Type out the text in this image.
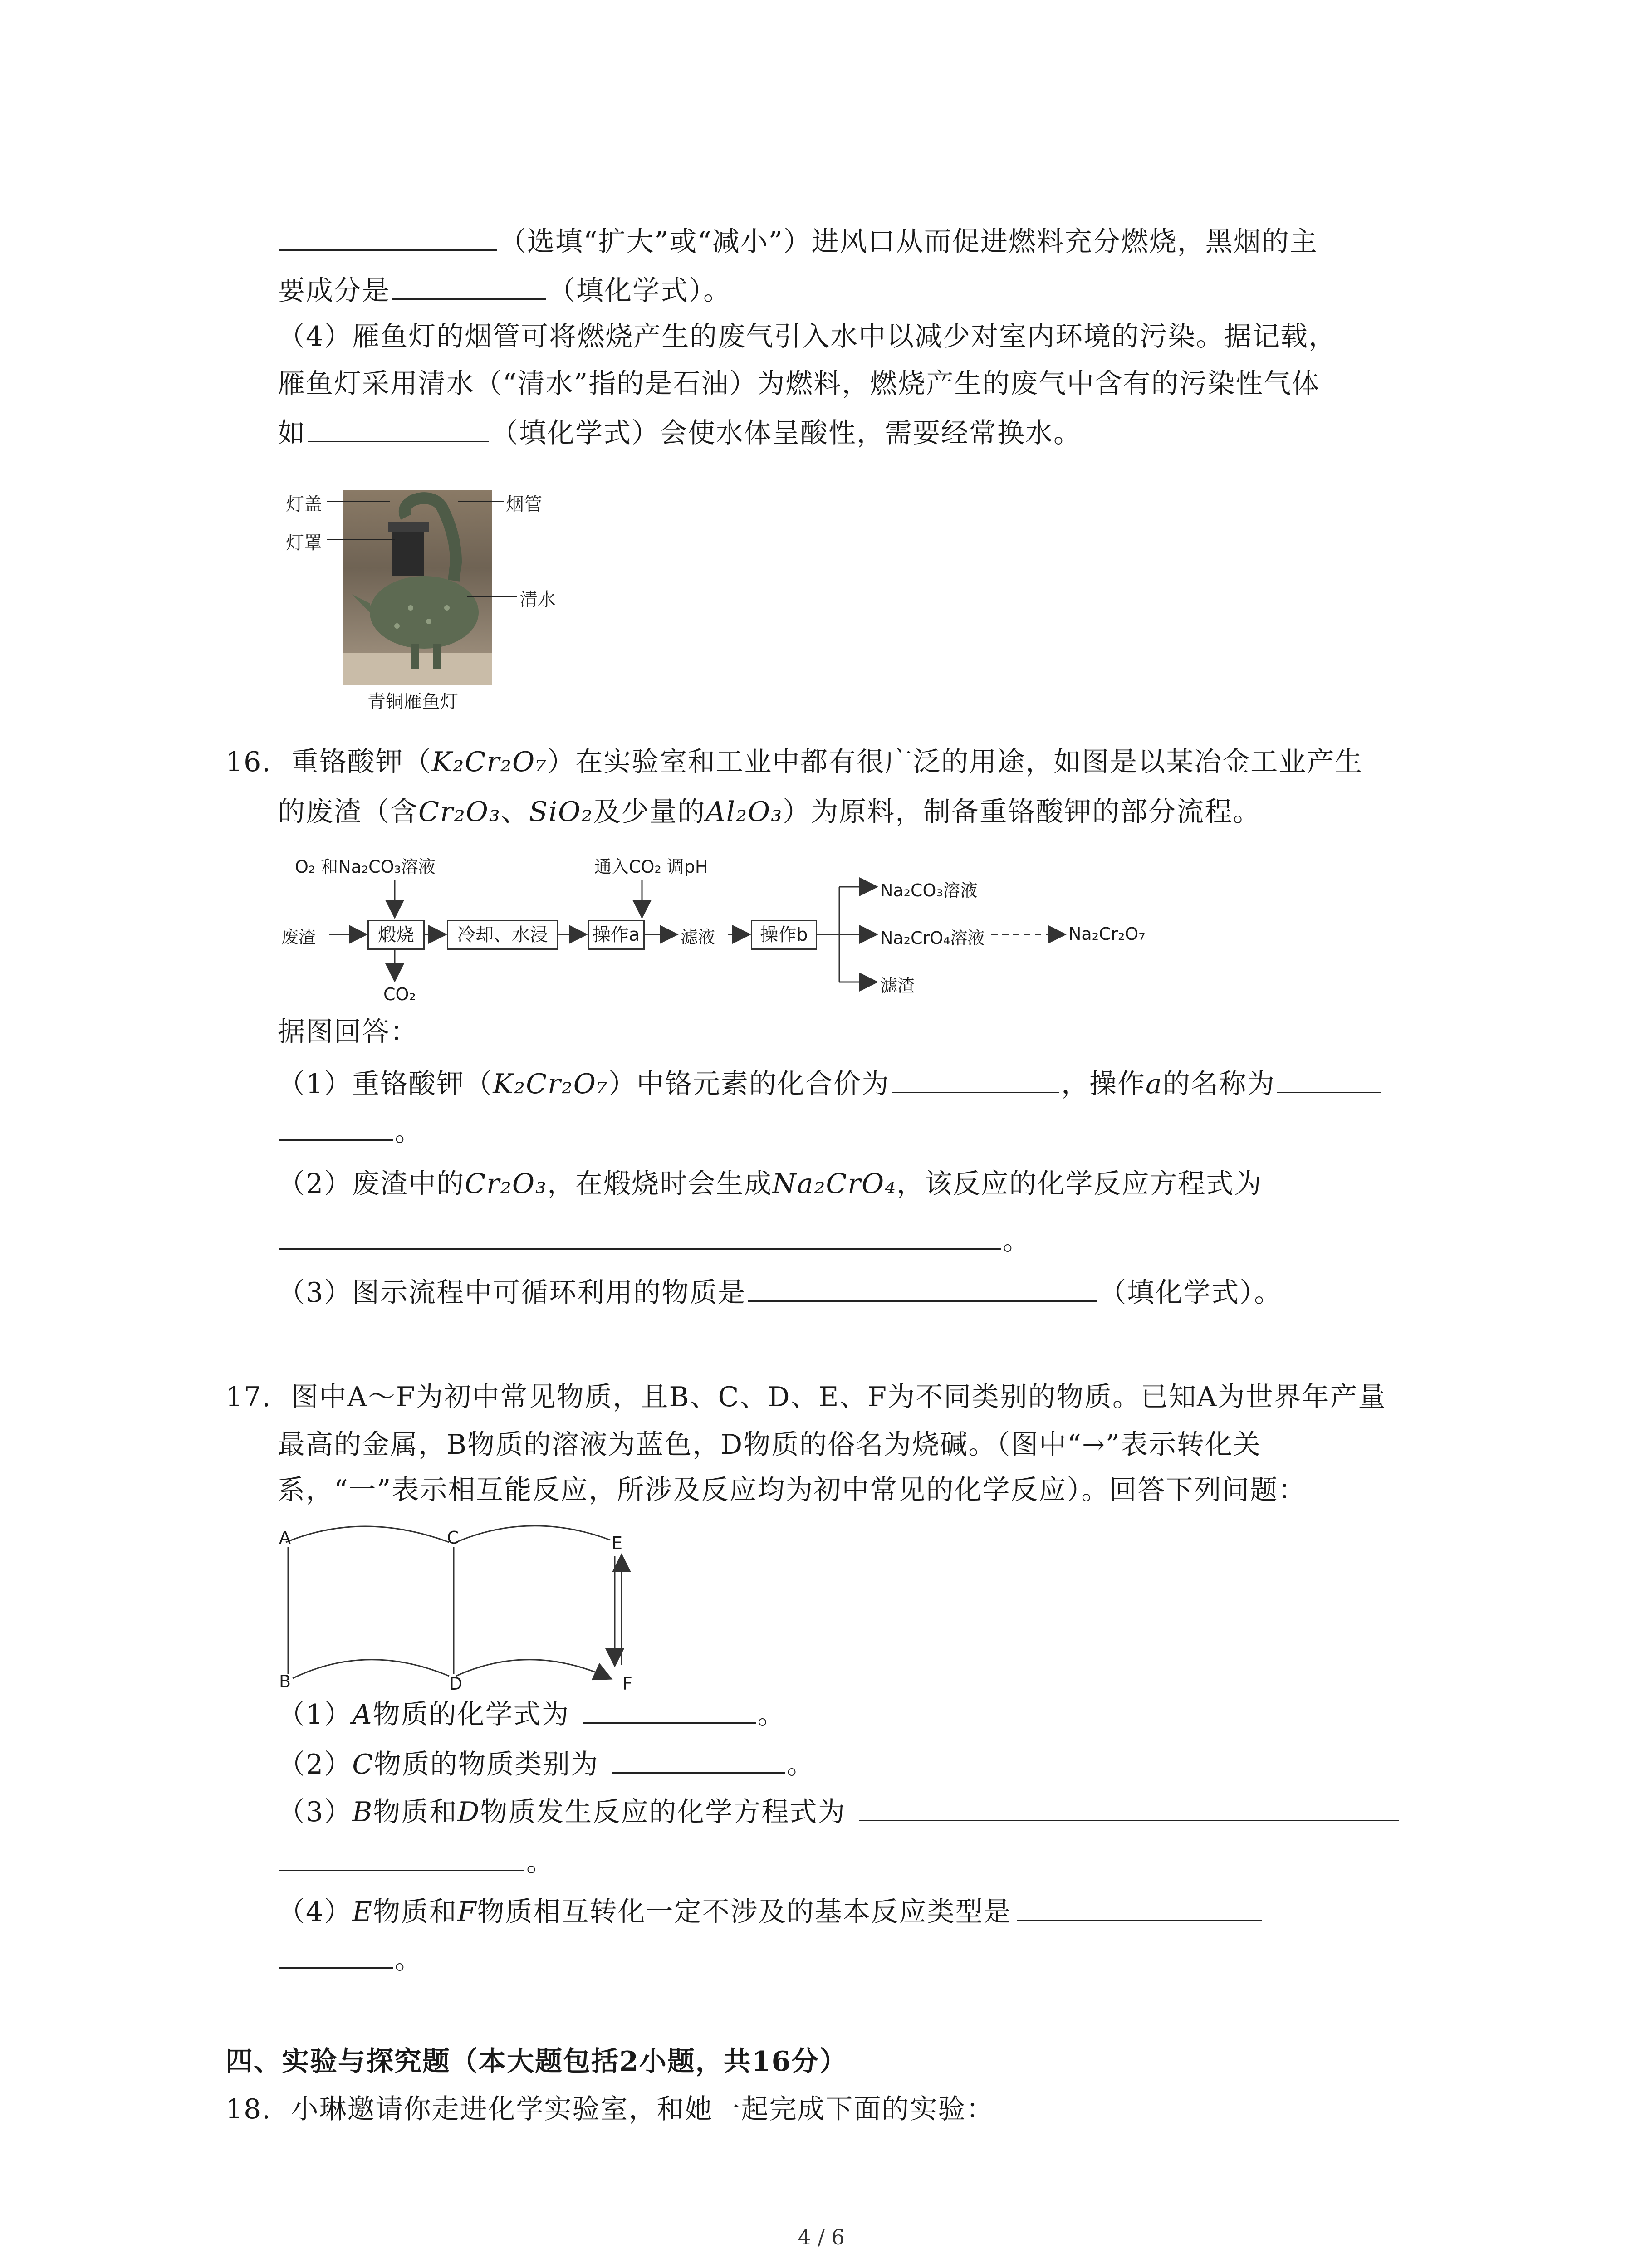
（选填“扩大”或“减小”）进风口从而促进燃料充分燃烧，黑烟的主
要成分是	（填化学式）。
（4）雁鱼灯的烟管可将燃烧产生的废气引入水中以减少对室内环境的污染。据记载，
雁鱼灯采用清水（“清水”指的是石油）为燃料，燃烧产生的废气中含有的污染性气体
如	（填化学式）会使水体呈酸性，需要经常换水。
灯盖
灯罩
烟管
清水
青铜雁鱼灯
16. 重铬酸钾（K₂Cr₂O₇）在实验室和工业中都有很广泛的用途，如图是以某冶金工业产生
的废渣（含Cr₂O₃、SiO₂及少量的Al₂O₃）为原料，制备重铬酸钾的部分流程。
O₂ 和Na₂CO₃溶液
废渣	煅烧
CO₂
冷却、水浸	操作a
通入CO₂ 调pH
滤液	操作b
Na₂CO₃溶液
Na₂CrO₄溶液	Na₂Cr₂O₇
滤渣
据图回答：
（1）重铬酸钾（K₂Cr₂O₇）中铬元素的化合价为	，操作a的名称为
。
（2）废渣中的Cr₂O₃，在煅烧时会生成Na₂CrO₄，该反应的化学反应方程式为
。
（3）图示流程中可循环利用的物质是	（填化学式）。
17. 图中A～F为初中常见物质，且B、C、D、E、F为不同类别的物质。已知A为世界年产量
最高的金属，B物质的溶液为蓝色，D物质的俗名为烧碱。（图中“→”表示转化关
系，“一”表示相互能反应，所涉及反应均为初中常见的化学反应）。回答下列问题：
A	C	E
B	D	F
（1）A物质的化学式为	。
（2）C物质的物质类别为	。
（3）B物质和D物质发生反应的化学方程式为
。
（4）E物质和F物质相互转化一定不涉及的基本反应类型是
。
四、实验与探究题（本大题包括2小题，共16分）
18. 小琳邀请你走进化学实验室，和她一起完成下面的实验：
4 / 6
